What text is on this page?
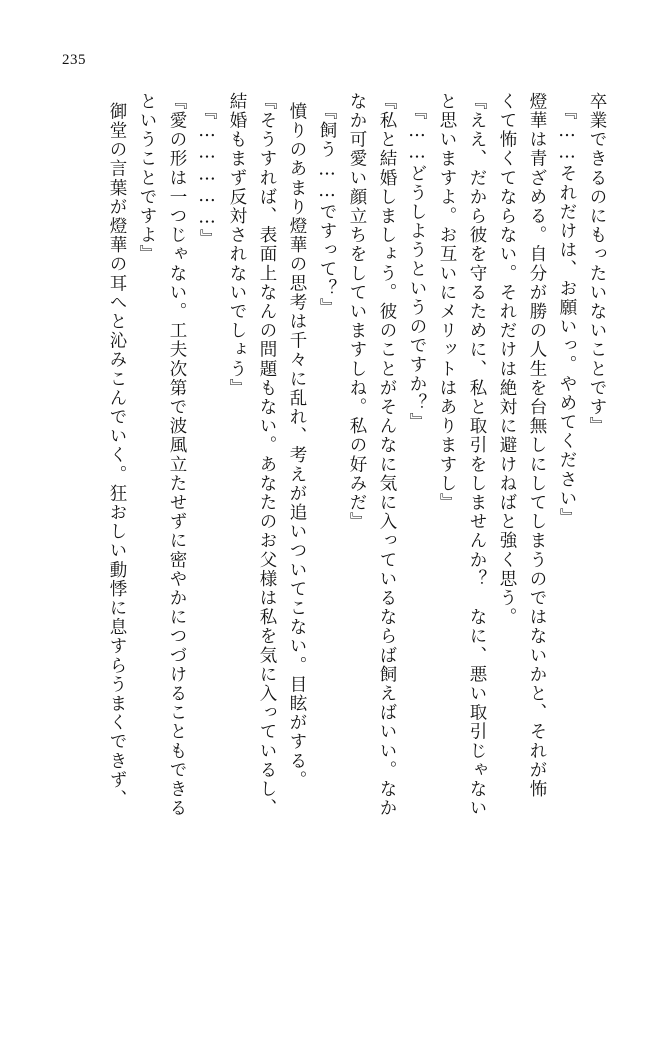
235
卒業できるのにもったいないことです』
『……それだけは、お願いっ。やめてください』
燈華は青ざめる。自分が勝の人生を台無しにしてしまうのではないかと、それが怖
くて怖くてならない。それだけは絶対に避けねばと強く思う。
『ええ、だから彼を守るために、私と取引をしませんか？　なに、悪い取引じゃない
と思いますよ。お互いにメリットはありますし』
『……どうしようというのですか？』
『私と結婚しましょう。彼のことがそんなに気に入っているならば飼えばいい。なか
なか可愛い顔立ちをしていますしね。私の好みだ』
『飼う……ですって？』
憤りのあまり燈華の思考は千々に乱れ、考えが追いついてこない。目眩がする。
『そうすれば、表面上なんの問題もない。あなたのお父様は私を気に入っているし、
結婚もまず反対されないでしょう』
『……………』
『愛の形は一つじゃない。工夫次第で波風立たせずに密やかにつづけることもできる
ということですよ』
御堂の言葉が燈華の耳へと沁みこんでいく。狂おしい動悸に息すらうまくできず、
